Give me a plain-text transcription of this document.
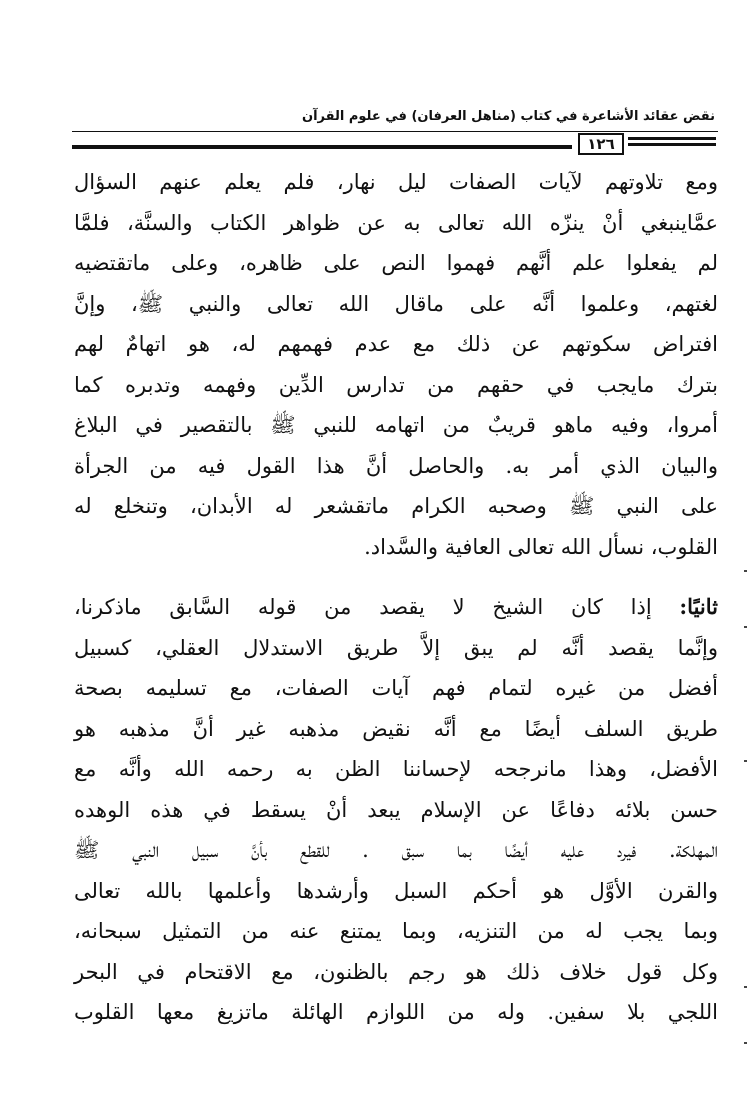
نقض عقائد الأشاعرة في كتاب (مناهل العرفان) في علوم القرآن
١٢٦

ومع تلاوتهم لآيات الصفات ليل نهار، فلم يعلم عنهم السؤال

عمَّاينبغي أنْ ينزّه الله تعالى به عن ظواهر الكتاب والسنَّة، فلمَّا

لم يفعلوا علم أنَّهم فهموا النص على ظاهره، وعلى ماتقتضيه

لغتهم، وعلموا أنَّه على ماقال الله تعالى والنبي ﷺ، وإنَّ

افتراض سكوتهم عن ذلك مع عدم فهمهم له، هو اتهامٌ لهم

بترك مايجب في حقهم من تدارس الدِّين وفهمه وتدبره كما

أمروا، وفيه ماهو قريبٌ من اتهامه للنبي ﷺ بالتقصير في البلاغ

والبيان الذي أمر به. والحاصل أنَّ هذا القول فيه من الجرأة

على النبي ﷺ وصحبه الكرام ماتقشعر له الأبدان، وتنخلع له

القلوب، نسأل الله تعالى العافية والسَّداد.

ثانيًا: إذا كان الشيخ لا يقصد من قوله السَّابق ماذكرنا،

وإنَّما يقصد أنَّه لم يبق إلاَّ طريق الاستدلال العقلي، كسبيل

أفضل من غيره لتمام فهم آيات الصفات، مع تسليمه بصحة

طريق السلف أيضًا مع أنَّه نقيض مذهبه غير أنَّ مذهبه هو

الأفضل، وهذا مانرجحه لإحساننا الظن به رحمه الله وأنَّه مع

حسن بلائه دفاعًا عن الإسلام يبعد أنْ يسقط في هذه الوهده

المهلكة. فيرد عليه أيضًا بما سبق . للقطع بأنَّ سبيل النبي ﷺ

والقرن الأوَّل هو أحكم السبل وأرشدها وأعلمها بالله تعالى

وبما يجب له من التنزيه، وبما يمتنع عنه من التمثيل سبحانه،

وكل قول خلاف ذلك هو رجم بالظنون، مع الاقتحام في البحر

اللجي بلا سفين. وله من اللوازم الهائلة ماتزيغ معها القلوب
